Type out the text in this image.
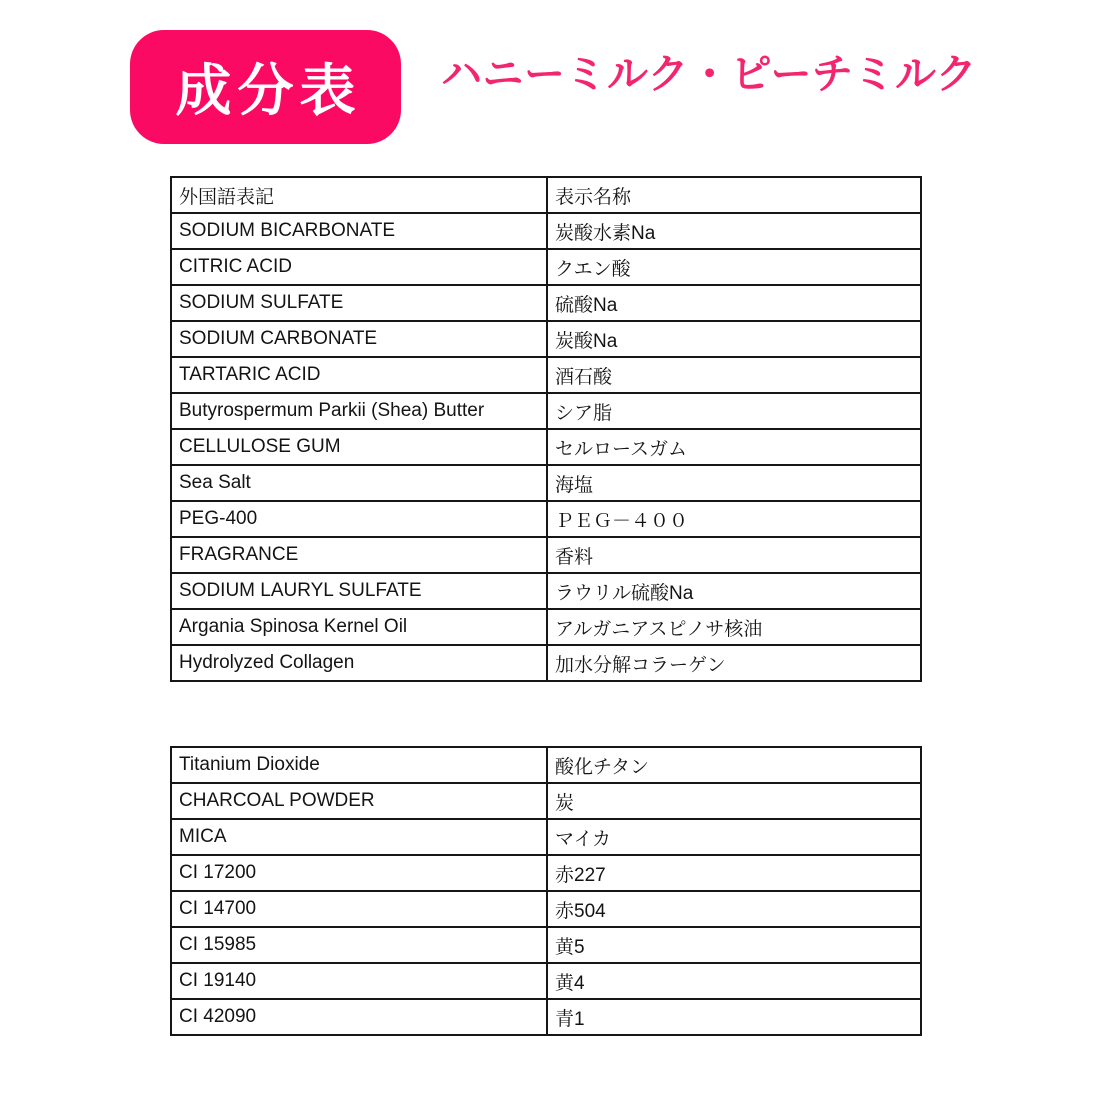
成分表 ハニーミルク・ピーチミルク
外国語表記	表示名称
SODIUM BICARBONATE	炭酸水素Na
CITRIC ACID	クエン酸
SODIUM SULFATE	硫酸Na
SODIUM CARBONATE	炭酸Na
TARTARIC ACID	酒石酸
Butyrospermum Parkii (Shea) Butter	シア脂
CELLULOSE GUM	セルロースガム
Sea Salt	海塩
PEG-400	ＰＥＧ－４００
FRAGRANCE	香料
SODIUM LAURYL SULFATE	ラウリル硫酸Na
Argania Spinosa Kernel Oil	アルガニアスピノサ核油
Hydrolyzed Collagen	加水分解コラーゲン
Titanium Dioxide	酸化チタン
CHARCOAL POWDER	炭
MICA	マイカ
CI 17200	赤227
CI 14700	赤504
CI 15985	黄5
CI 19140	黄4
CI 42090	青1
